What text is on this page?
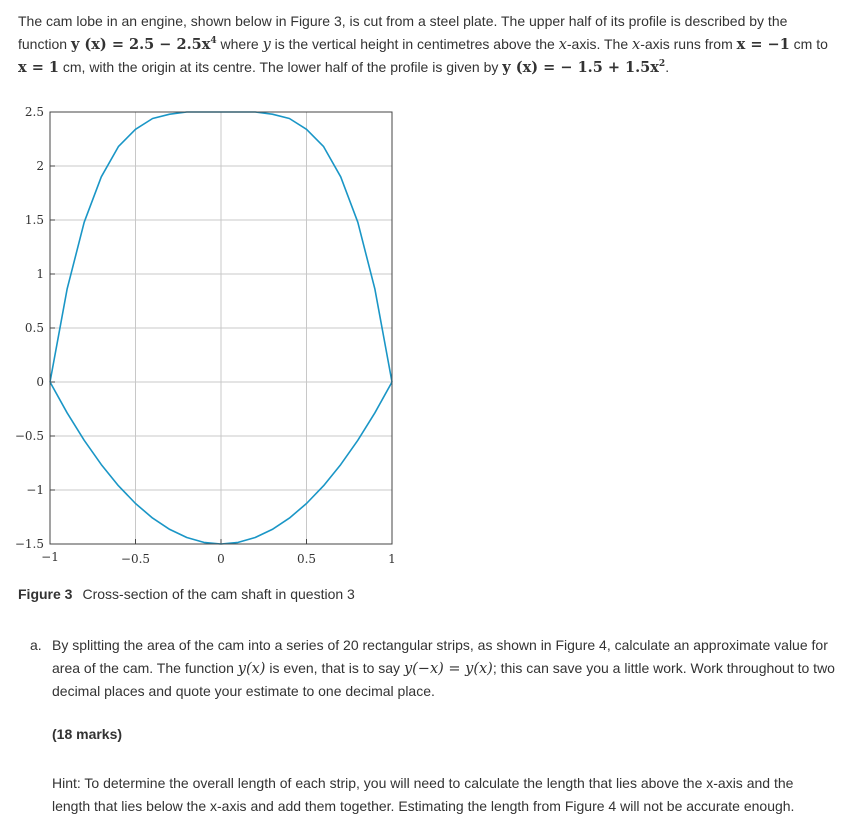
The cam lobe in an engine, shown below in Figure 3, is cut from a steel plate. The upper half of its profile is described by the function y $(x) = 2.5 - 2.5x^4$ where y is the vertical height in centimetres above the x-axis. The x-axis runs from x = −1 cm to x = 1 cm, with the origin at its centre. The lower half of the profile is given by y (x) = − $1.5 + 1.5x^2$.

−1	−0.5	0	0.5	1
2.5
2
1.5
1
0.5
0
−0.5
−1
−1.5

Figure 3 Cross-section of the cam shaft in question 3

a. By splitting the area of the cam into a series of 20 rectangular strips, as shown in Figure 4, calculate an approximate value for area of the cam. The function y(x) is even, that is to say y(−x) = y(x); this can save you a little work. Work throughout to two decimal places and quote your estimate to one decimal place.

(18 marks)

Hint: To determine the overall length of each strip, you will need to calculate the length that lies above the x-axis and the length that lies below the x-axis and add them together. Estimating the length from Figure 4 will not be accurate enough.
